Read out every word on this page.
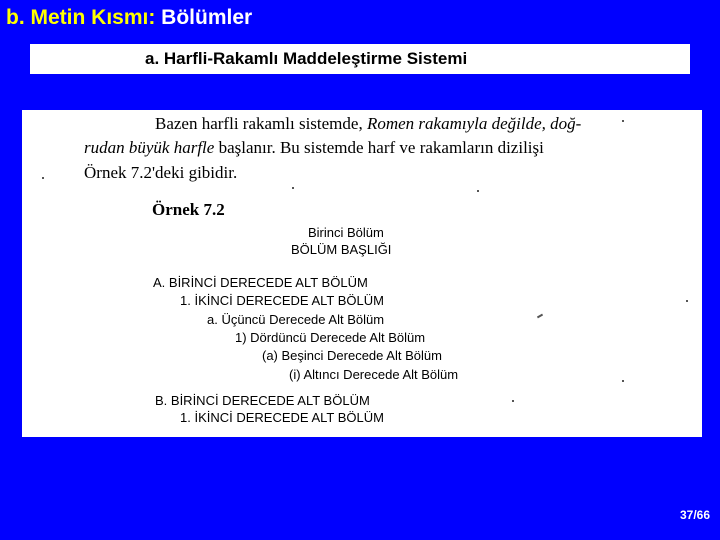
b. Metin Kısmı: Bölümler
a. Harfli-Rakamlı Maddeleştirme Sistemi
Bazen harfli rakamlı sistemde, Romen rakamıyla değilde, doğ-
rudan büyük harfle başlanır. Bu sistemde harf ve rakamların dizilişi
Örnek 7.2'deki gibidir.
Örnek 7.2
Birinci Bölüm
BÖLÜM BAŞLIĞI
A. BİRİNCİ DERECEDE ALT BÖLÜM
1. İKİNCİ DERECEDE ALT BÖLÜM
a. Üçüncü Derecede Alt Bölüm
1) Dördüncü Derecede Alt Bölüm
(a) Beşinci Derecede Alt Bölüm
(i) Altıncı Derecede Alt Bölüm
B. BİRİNCİ DERECEDE ALT BÖLÜM
1. İKİNCİ DERECEDE ALT BÖLÜM
37/66
